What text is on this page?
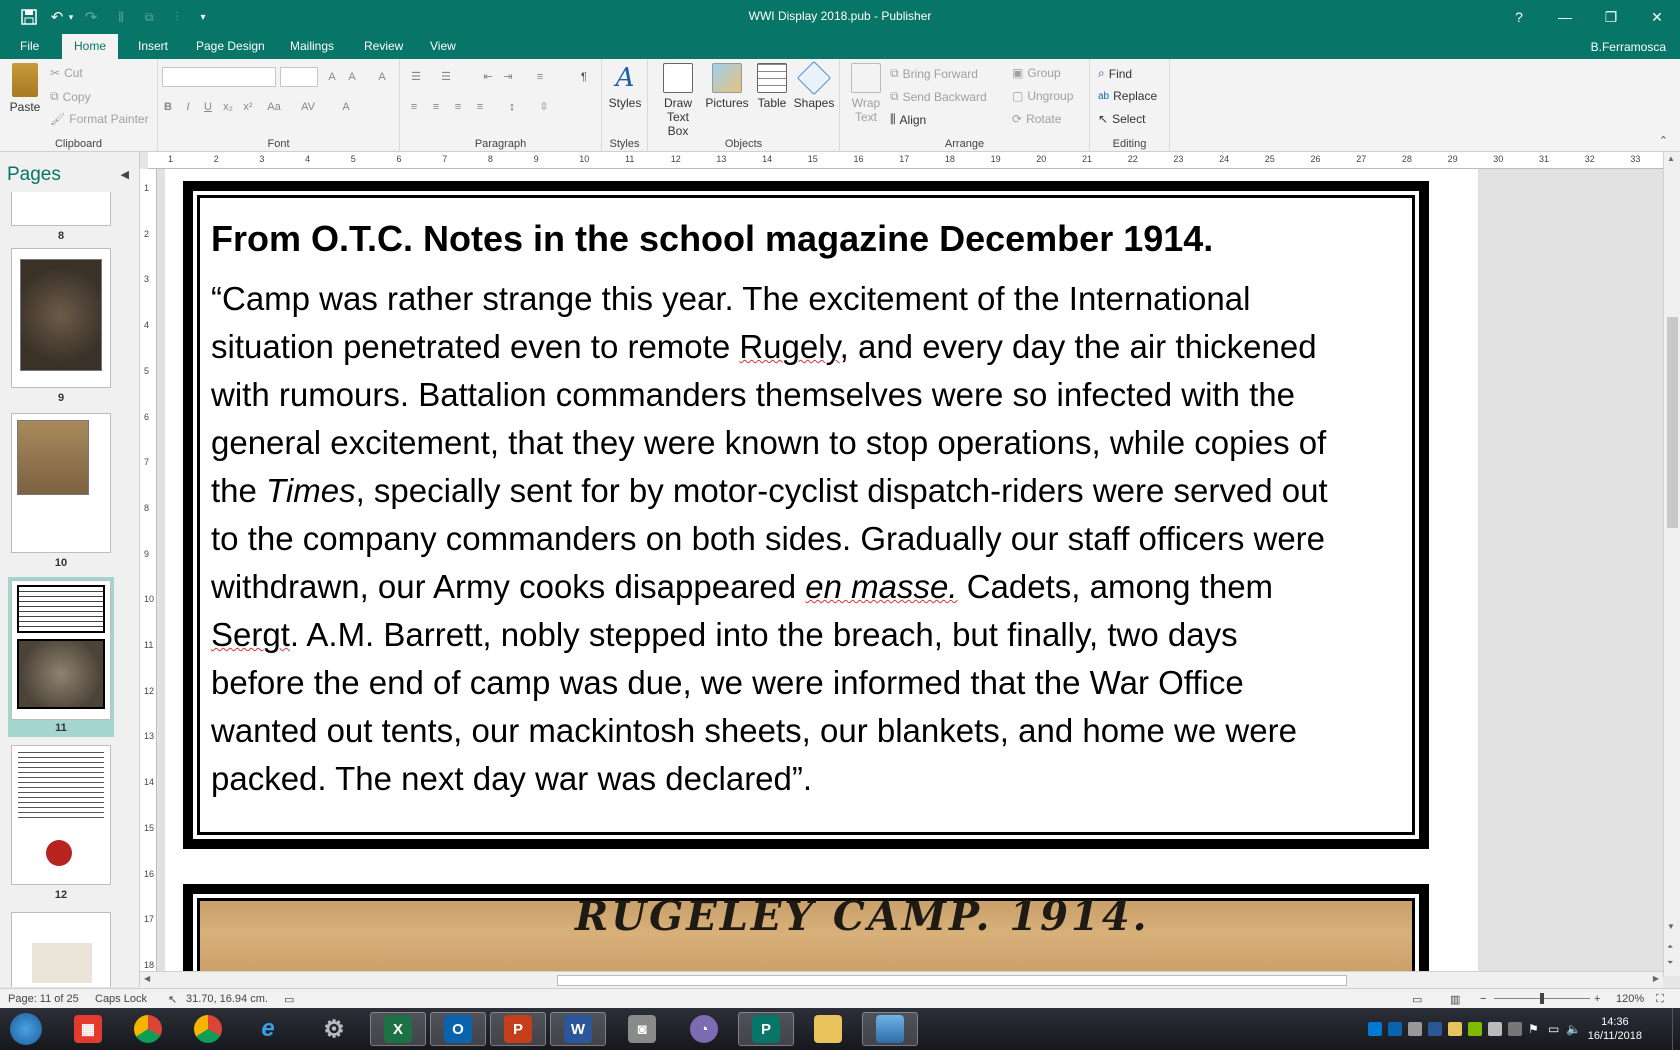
↶ ▾ ↷	⫼	⧉	⫶	▾	WWI Display 2018.pub - Publisher	?	—	❐	✕
File	Home	Insert	Page Design	Mailings	Review	View	B.Ferramosca
Paste
✂ Cut
⧉ Copy
🖌 Format Painter
Clipboard
A	A	A
B	I	U	x₂ x²	Aa	AV	A
Font
☰ ☰	⇤ ⇥	≡	¶
≡	≡	≡	≡	↕	⇳
Paragraph
A
Styles
Styles
Draw
Text Box
Pictures Table Shapes
Objects
Wrap
Text
⧉ Bring Forward
⧉ Send Backward
⫼ Align
▣ Group
▢ Ungroup
⟳ Rotate
Arrange
⌕ Find
ab Replace
↖ Select
Editing	⌃
Pages	◀
8
9
10
11
12
1	2	3	4	5	6	7	8	9	10	11	12	13	14	15	16	17	18	19	20	21	22	23	24	25	26	27	28	29	30	31	32	33
1
2
3
4
5
6
7
8
9
10
11
12
13
14
15
16
17
18
From O.T.C. Notes in the school magazine December 1914.
“Camp was rather strange this year. The excitement of the International
situation penetrated even to remote Rugely, and every day the air thickened
with rumours. Battalion commanders themselves were so infected with the
general excitement, that they were known to stop operations, while copies of
the Times, specially sent for by motor-cyclist dispatch-riders were served out
to the company commanders on both sides. Gradually our staff officers were
withdrawn, our Army cooks disappeared en masse. Cadets, among them
Sergt. A.M. Barrett, nobly stepped into the breach, but finally, two days
before the end of camp was due, we were informed that the War Office
wanted out tents, our mackintosh sheets, our blankets, and home we were
packed. The next day war was declared”.
RUGELEY CAMP. 1914.
▲
▼
⏶
⏷
◀	▶
Page: 11 of 25 Caps Lock ↖ 31.70, 16.94 cm. ▭	▭	▥ −	+ 120% ⛶
▦	e	⚙	X	O	P	W	◙	◔	P	⚑ ▭ 🔈	14:36
16/11/2018
